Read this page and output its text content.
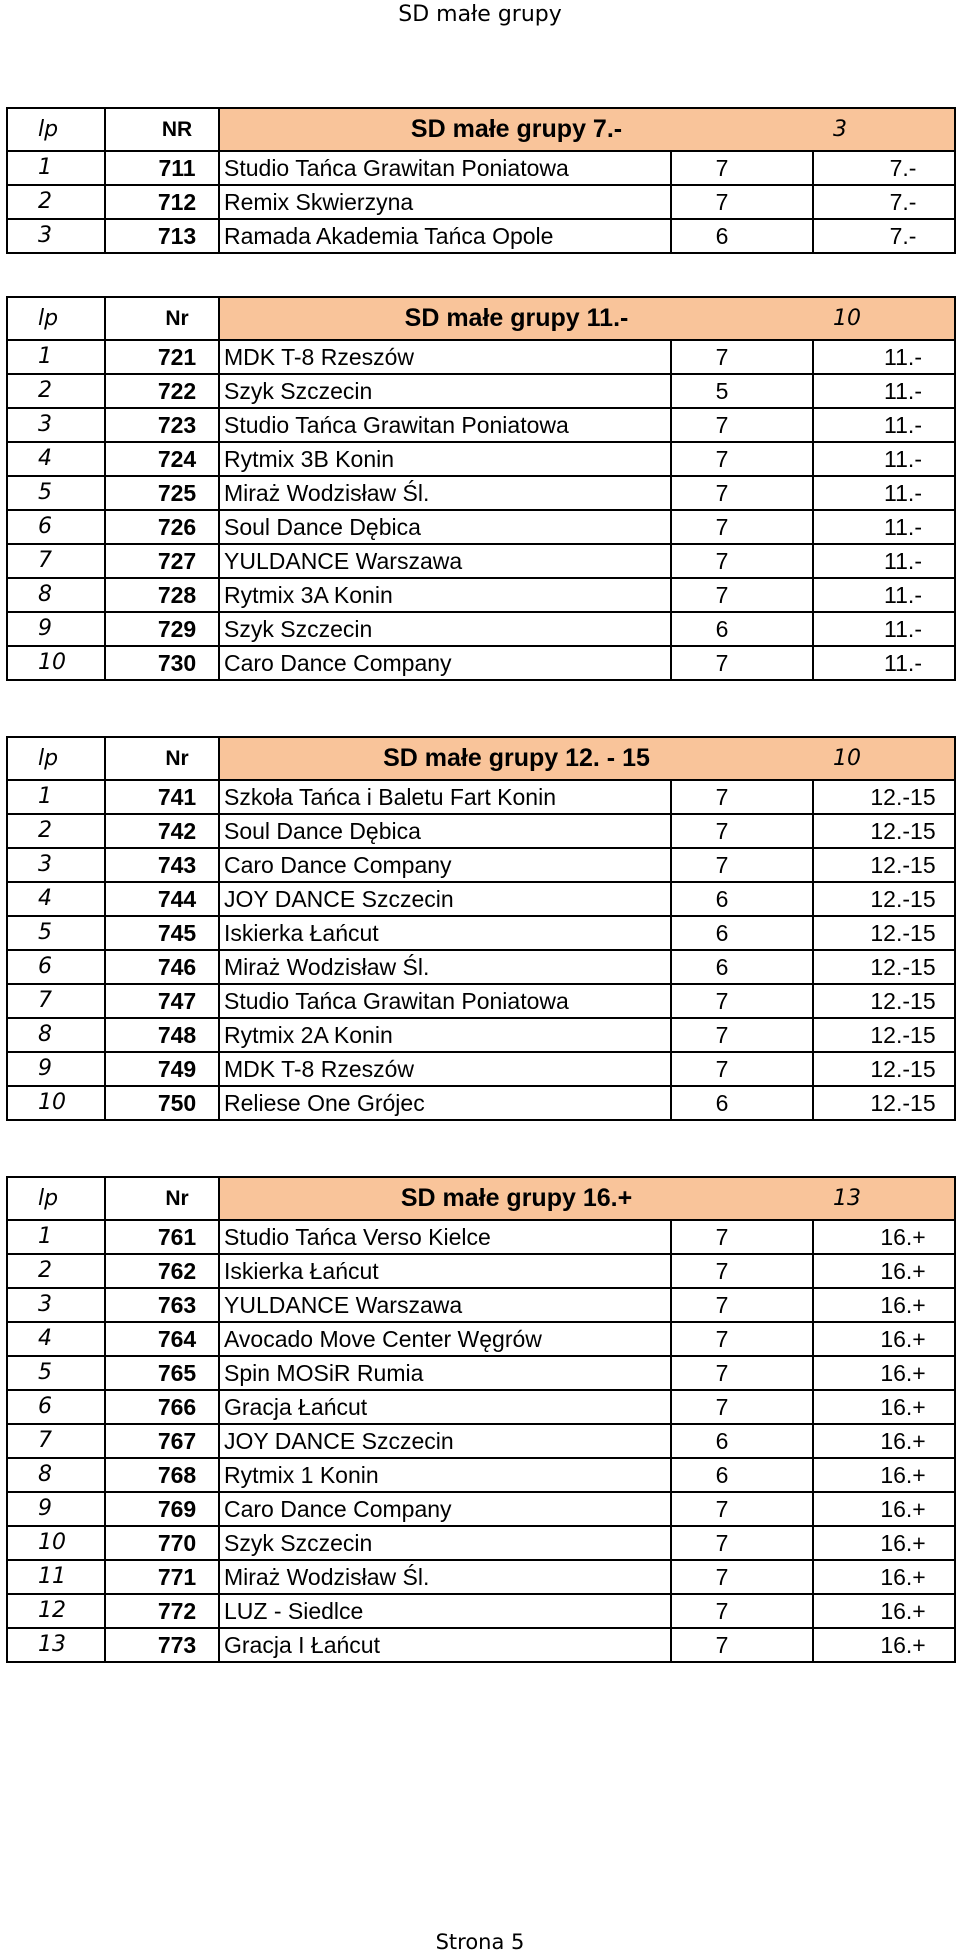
SD małe grupy
lp	NR	SD małe grupy 7.-		3
1	711	Studio Tańca Grawitan Poniatowa	7	7.-
2	712	Remix Skwierzyna	7	7.-
3	713	Ramada Akademia Tańca Opole	6	7.-
lp	Nr	SD małe grupy 11.-		10
1	721	MDK T-8 Rzeszów	7	11.-
2	722	Szyk Szczecin	5	11.-
3	723	Studio Tańca Grawitan Poniatowa	7	11.-
4	724	Rytmix 3B Konin	7	11.-
5	725	Miraż Wodzisław Śl.	7	11.-
6	726	Soul Dance Dębica	7	11.-
7	727	YULDANCE Warszawa	7	11.-
8	728	Rytmix 3A Konin	7	11.-
9	729	Szyk Szczecin	6	11.-
10	730	Caro Dance Company	7	11.-
lp	Nr	SD małe grupy 12. - 15		10
1	741	Szkoła Tańca i Baletu Fart Konin	7	12.-15
2	742	Soul Dance Dębica	7	12.-15
3	743	Caro Dance Company	7	12.-15
4	744	JOY DANCE Szczecin	6	12.-15
5	745	Iskierka Łańcut	6	12.-15
6	746	Miraż Wodzisław Śl.	6	12.-15
7	747	Studio Tańca Grawitan Poniatowa	7	12.-15
8	748	Rytmix 2A Konin	7	12.-15
9	749	MDK T-8 Rzeszów	7	12.-15
10	750	Reliese One Grójec	6	12.-15
lp	Nr	SD małe grupy 16.+		13
1	761	Studio Tańca Verso Kielce	7	16.+
2	762	Iskierka Łańcut	7	16.+
3	763	YULDANCE Warszawa	7	16.+
4	764	Avocado Move Center Węgrów	7	16.+
5	765	Spin MOSiR Rumia	7	16.+
6	766	Gracja Łańcut	7	16.+
7	767	JOY DANCE Szczecin	6	16.+
8	768	Rytmix 1 Konin	6	16.+
9	769	Caro Dance Company	7	16.+
10	770	Szyk Szczecin	7	16.+
11	771	Miraż Wodzisław Śl.	7	16.+
12	772	LUZ - Siedlce	7	16.+
13	773	Gracja I Łańcut	7	16.+
Strona 5
